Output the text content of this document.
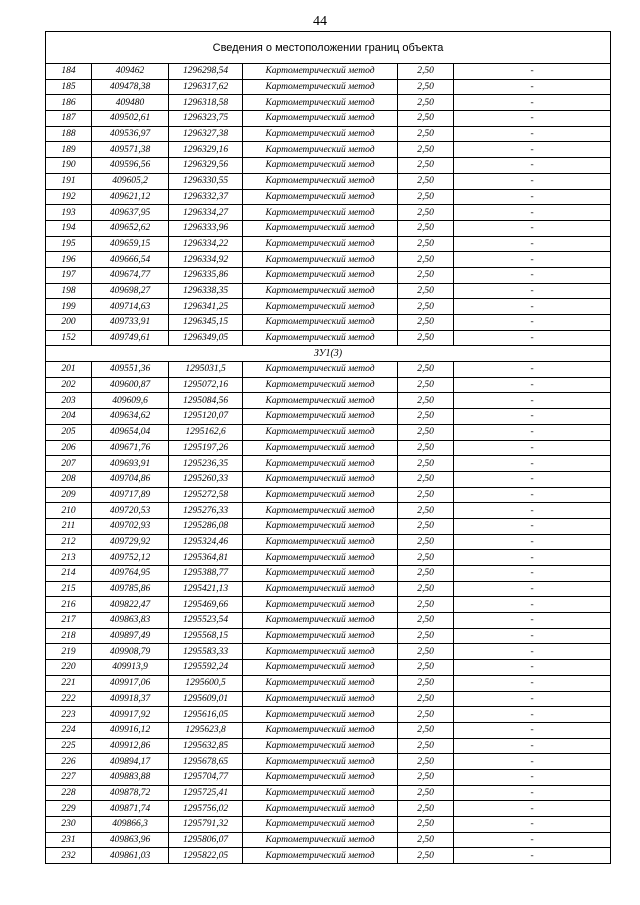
44
Сведения о местоположении границ объекта					
184	409462	1296298,54	Картометрический метод	2,50	-
185	409478,38	1296317,62	Картометрический метод	2,50	-
186	409480	1296318,58	Картометрический метод	2,50	-
187	409502,61	1296323,75	Картометрический метод	2,50	-
188	409536,97	1296327,38	Картометрический метод	2,50	-
189	409571,38	1296329,16	Картометрический метод	2,50	-
190	409596,56	1296329,56	Картометрический метод	2,50	-
191	409605,2	1296330,55	Картометрический метод	2,50	-
192	409621,12	1296332,37	Картометрический метод	2,50	-
193	409637,95	1296334,27	Картометрический метод	2,50	-
194	409652,62	1296333,96	Картометрический метод	2,50	-
195	409659,15	1296334,22	Картометрический метод	2,50	-
196	409666,54	1296334,92	Картометрический метод	2,50	-
197	409674,77	1296335,86	Картометрический метод	2,50	-
198	409698,27	1296338,35	Картометрический метод	2,50	-
199	409714,63	1296341,25	Картометрический метод	2,50	-
200	409733,91	1296345,15	Картометрический метод	2,50	-
152	409749,61	1296349,05	Картометрический метод	2,50	-
ЗУ1(3)					
201	409551,36	1295031,5	Картометрический метод	2,50	-
202	409600,87	1295072,16	Картометрический метод	2,50	-
203	409609,6	1295084,56	Картометрический метод	2,50	-
204	409634,62	1295120,07	Картометрический метод	2,50	-
205	409654,04	1295162,6	Картометрический метод	2,50	-
206	409671,76	1295197,26	Картометрический метод	2,50	-
207	409693,91	1295236,35	Картометрический метод	2,50	-
208	409704,86	1295260,33	Картометрический метод	2,50	-
209	409717,89	1295272,58	Картометрический метод	2,50	-
210	409720,53	1295276,33	Картометрический метод	2,50	-
211	409702,93	1295286,08	Картометрический метод	2,50	-
212	409729,92	1295324,46	Картометрический метод	2,50	-
213	409752,12	1295364,81	Картометрический метод	2,50	-
214	409764,95	1295388,77	Картометрический метод	2,50	-
215	409785,86	1295421,13	Картометрический метод	2,50	-
216	409822,47	1295469,66	Картометрический метод	2,50	-
217	409863,83	1295523,54	Картометрический метод	2,50	-
218	409897,49	1295568,15	Картометрический метод	2,50	-
219	409908,79	1295583,33	Картометрический метод	2,50	-
220	409913,9	1295592,24	Картометрический метод	2,50	-
221	409917,06	1295600,5	Картометрический метод	2,50	-
222	409918,37	1295609,01	Картометрический метод	2,50	-
223	409917,92	1295616,05	Картометрический метод	2,50	-
224	409916,12	1295623,8	Картометрический метод	2,50	-
225	409912,86	1295632,85	Картометрический метод	2,50	-
226	409894,17	1295678,65	Картометрический метод	2,50	-
227	409883,88	1295704,77	Картометрический метод	2,50	-
228	409878,72	1295725,41	Картометрический метод	2,50	-
229	409871,74	1295756,02	Картометрический метод	2,50	-
230	409866,3	1295791,32	Картометрический метод	2,50	-
231	409863,96	1295806,07	Картометрический метод	2,50	-
232	409861,03	1295822,05	Картометрический метод	2,50	-
